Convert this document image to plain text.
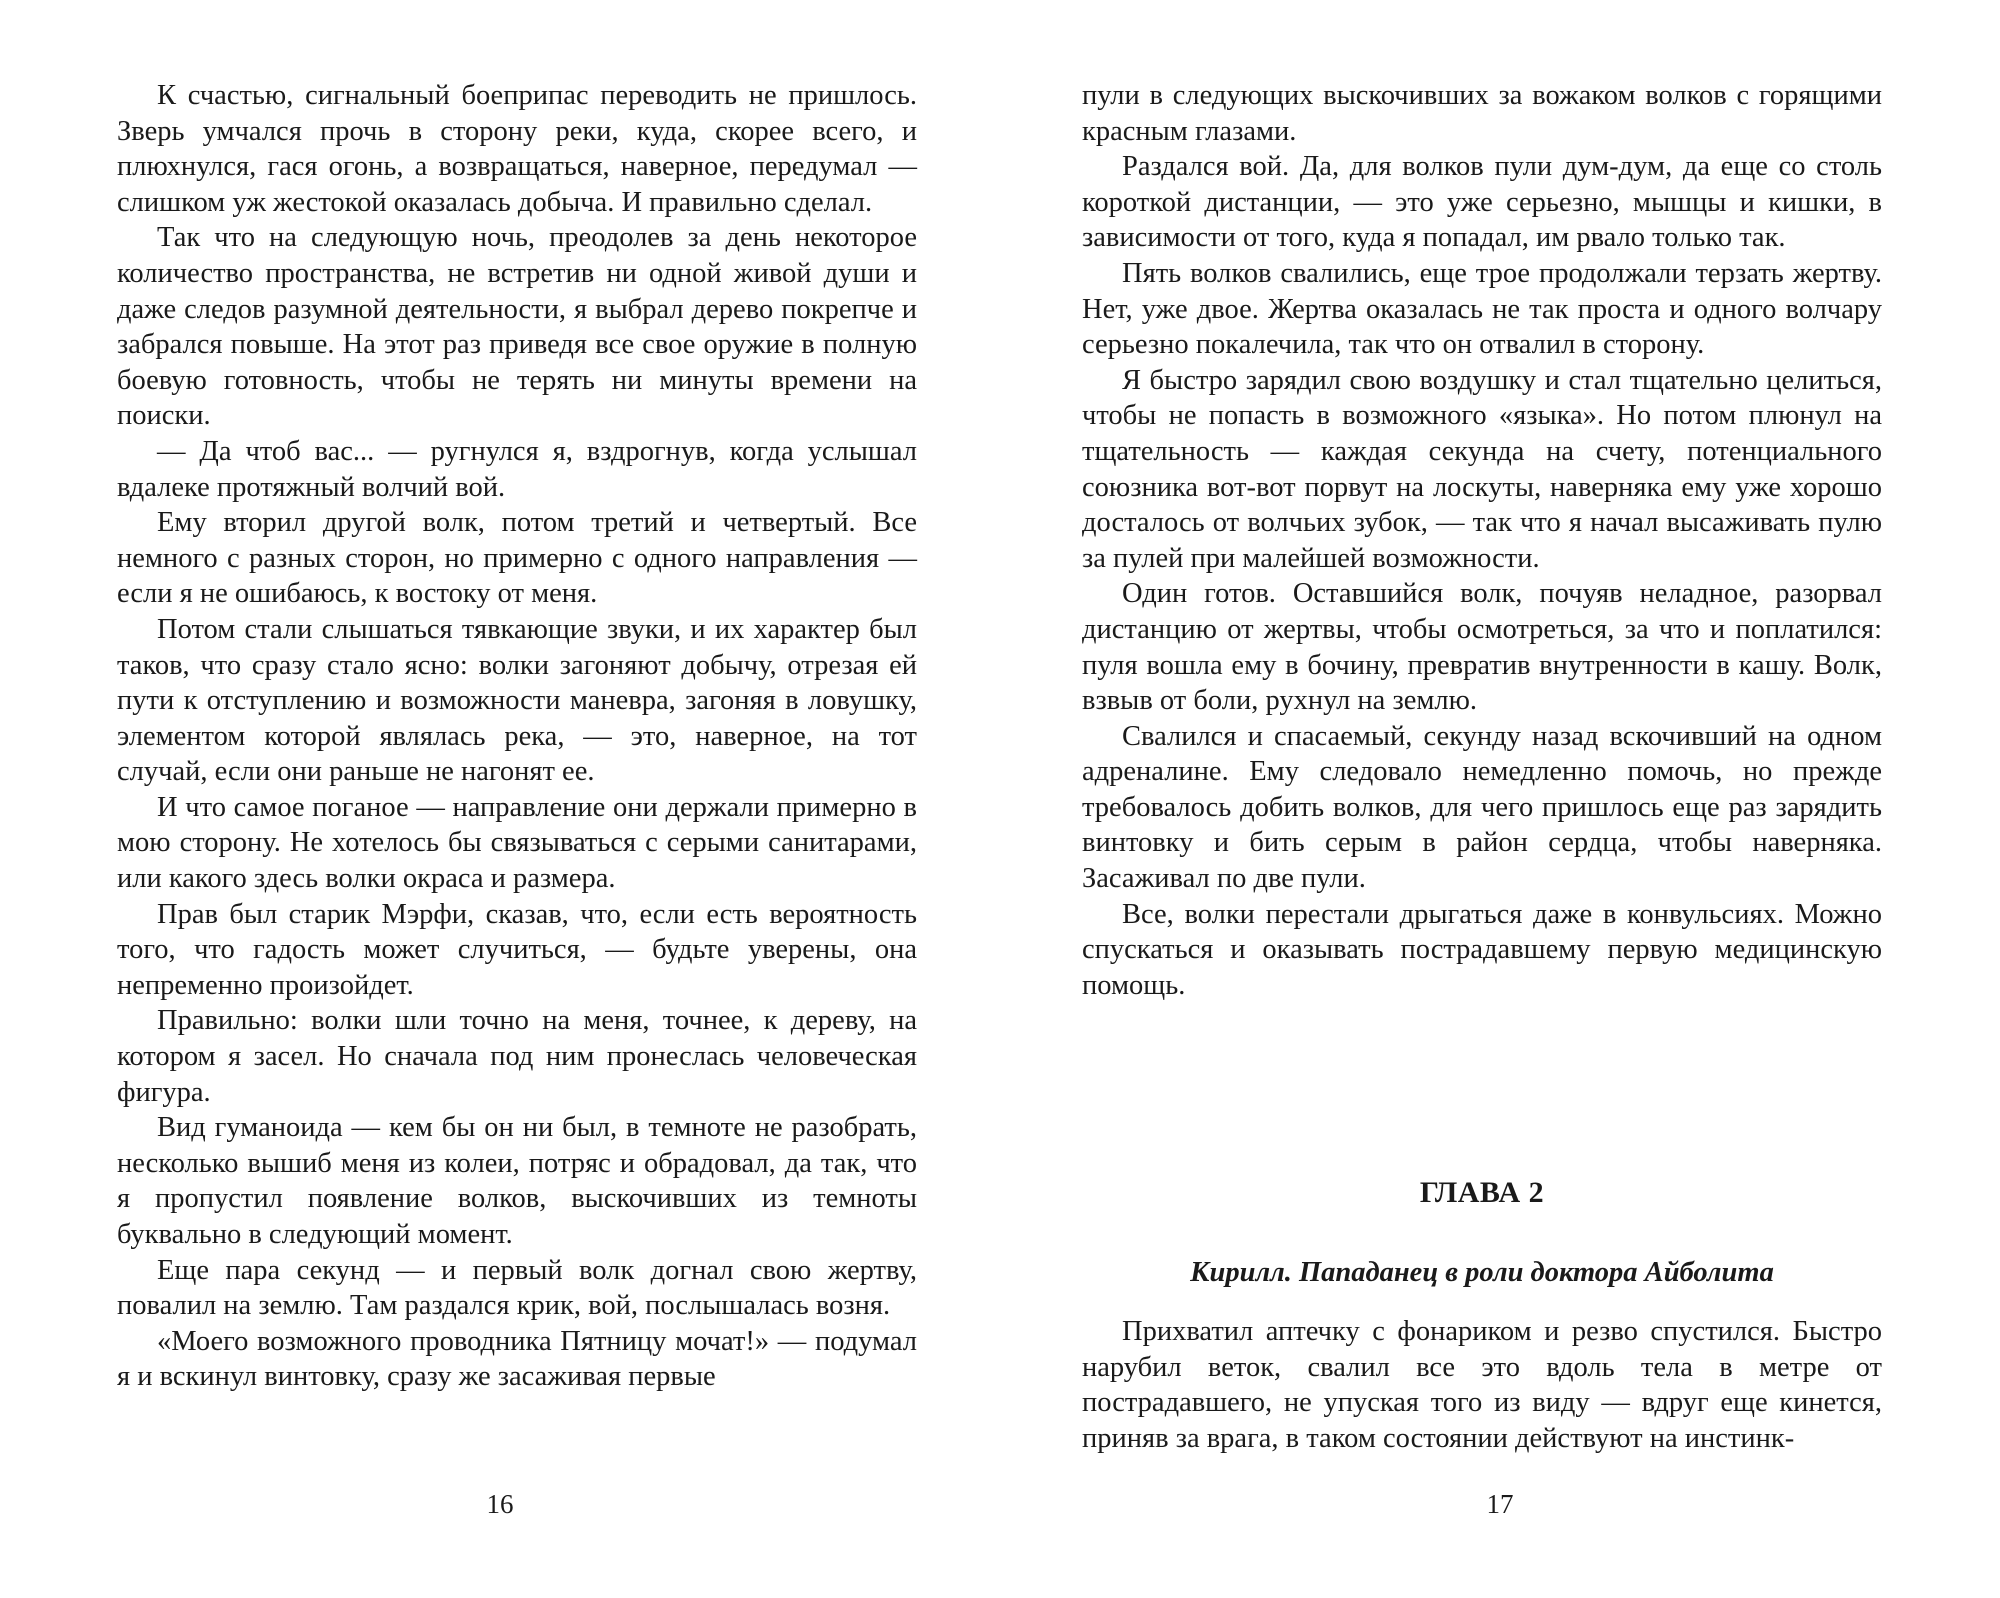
К счастью, сигнальный боеприпас переводить не пришлось. Зверь умчался прочь в сторону реки, куда, скорее всего, и плюхнулся, гася огонь, а возвращаться, наверное, передумал — слишком уж жестокой оказалась добыча. И правильно сделал.

Так что на следующую ночь, преодолев за день некоторое количество пространства, не встретив ни одной живой души и даже следов разумной деятельности, я выбрал дерево покрепче и забрался повыше. На этот раз приведя все свое оружие в полную боевую готовность, чтобы не терять ни минуты времени на поиски.

— Да чтоб вас... — ругнулся я, вздрогнув, когда услышал вдалеке протяжный волчий вой.

Ему вторил другой волк, потом третий и четвертый. Все немного с разных сторон, но примерно с одного направления — если я не ошибаюсь, к востоку от меня.

Потом стали слышаться тявкающие звуки, и их характер был таков, что сразу стало ясно: волки загоняют добычу, отрезая ей пути к отступлению и возможности маневра, загоняя в ловушку, элементом которой являлась река, — это, наверное, на тот случай, если они раньше не нагонят ее.

И что самое поганое — направление они держали примерно в мою сторону. Не хотелось бы связываться с серыми санитарами, или какого здесь волки окраса и размера.

Прав был старик Мэрфи, сказав, что, если есть вероятность того, что гадость может случиться, — будьте уверены, она непременно произойдет.

Правильно: волки шли точно на меня, точнее, к дереву, на котором я засел. Но сначала под ним пронеслась человеческая фигура.

Вид гуманоида — кем бы он ни был, в темноте не разобрать, несколько вышиб меня из колеи, потряс и обрадовал, да так, что я пропустил появление волков, выскочивших из темноты буквально в следующий момент.

Еще пара секунд — и первый волк догнал свою жертву, повалил на землю. Там раздался крик, вой, послышалась возня.

«Моего возможного проводника Пятницу мочат!» — подумал я и вскинул винтовку, сразу же засаживая первые

16

пули в следующих выскочивших за вожаком волков с горящими красным глазами.

Раздался вой. Да, для волков пули дум-дум, да еще со столь короткой дистанции, — это уже серьезно, мышцы и кишки, в зависимости от того, куда я попадал, им рвало только так.

Пять волков свалились, еще трое продолжали терзать жертву. Нет, уже двое. Жертва оказалась не так проста и одного волчару серьезно покалечила, так что он отвалил в сторону.

Я быстро зарядил свою воздушку и стал тщательно целиться, чтобы не попасть в возможного «языка». Но потом плюнул на тщательность — каждая секунда на счету, потенциального союзника вот-вот порвут на лоскуты, наверняка ему уже хорошо досталось от волчьих зубок, — так что я начал высаживать пулю за пулей при малейшей возможности.

Один готов. Оставшийся волк, почуяв неладное, разорвал дистанцию от жертвы, чтобы осмотреться, за что и поплатился: пуля вошла ему в бочину, превратив внутренности в кашу. Волк, взвыв от боли, рухнул на землю.

Свалился и спасаемый, секунду назад вскочивший на одном адреналине. Ему следовало немедленно помочь, но прежде требовалось добить волков, для чего пришлось еще раз зарядить винтовку и бить серым в район сердца, чтобы наверняка. Засаживал по две пули.

Все, волки перестали дрыгаться даже в конвульсиях. Можно спускаться и оказывать пострадавшему первую медицинскую помощь.

ГЛАВА 2
Кирилл. Пападанец в роли доктора Айболита

Прихватил аптечку с фонариком и резво спустился. Быстро нарубил веток, свалил все это вдоль тела в метре от пострадавшего, не упуская того из виду — вдруг еще кинется, приняв за врага, в таком состоянии действуют на инстинк-

17
